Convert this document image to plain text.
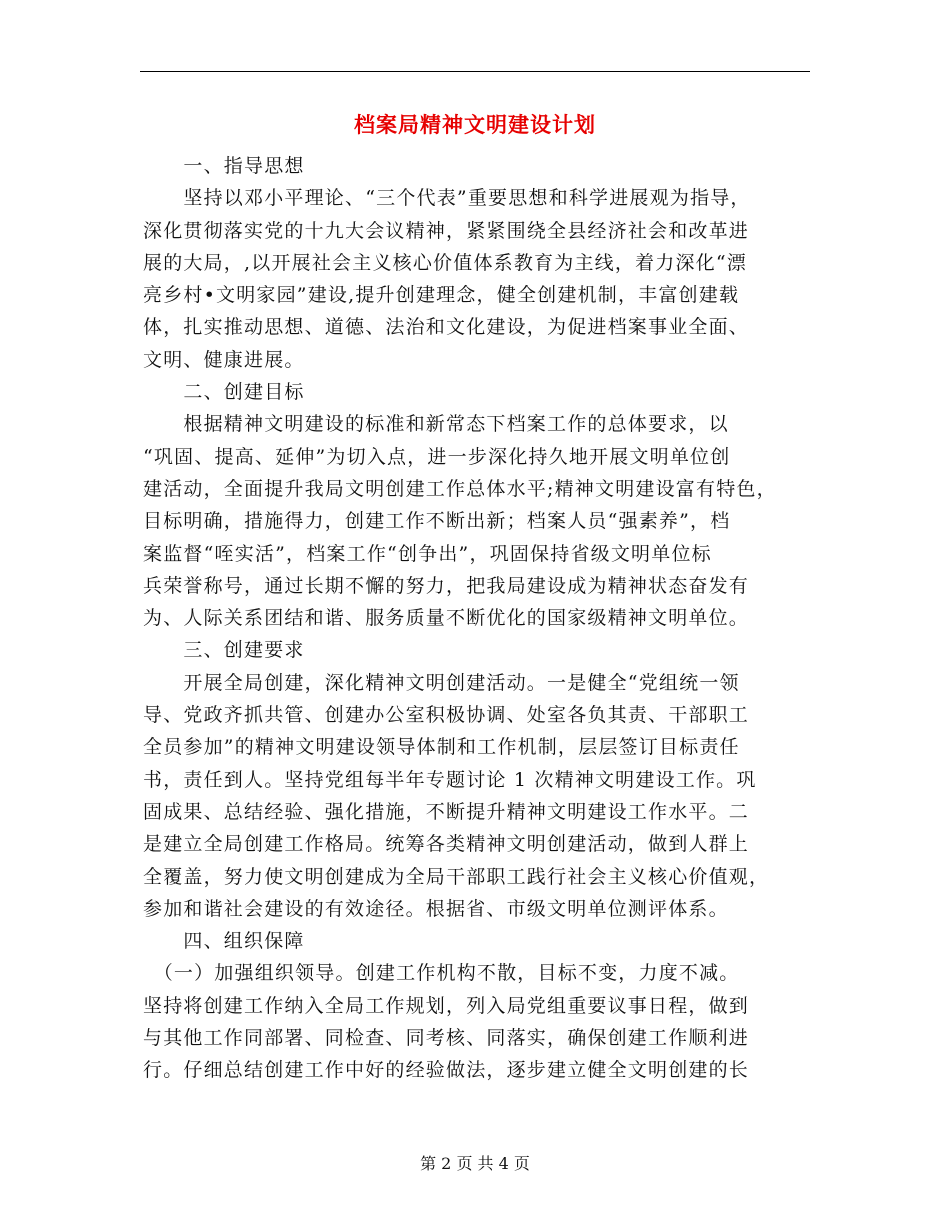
档案局精神文明建设计划
　　一、指导思想
　　坚持以邓小平理论、“三个代表”重要思想和科学进展观为指导，
深化贯彻落实党的十九大会议精神，紧紧围绕全县经济社会和改革进
展的大局，,以开展社会主义核心价值体系教育为主线，着力深化“漂
亮乡村•文明家园”建设,提升创建理念，健全创建机制，丰富创建载
体，扎实推动思想、道德、法治和文化建设，为促进档案事业全面、
文明、健康进展。
　　二、创建目标
　　根据精神文明建设的标准和新常态下档案工作的总体要求，以
“巩固、提高、延伸”为切入点，进一步深化持久地开展文明单位创
建活动，全面提升我局文明创建工作总体水平;精神文明建设富有特色，
目标明确，措施得力，创建工作不断出新；档案人员“强素养”，档
案监督“咥实活”，档案工作“创争出”，巩固保持省级文明单位标
兵荣誉称号，通过长期不懈的努力，把我局建设成为精神状态奋发有
为、人际关系团结和谐、服务质量不断优化的国家级精神文明单位。
　　三、创建要求
　　开展全局创建，深化精神文明创建活动。一是健全“党组统一领
导、党政齐抓共管、创建办公室积极协调、处室各负其责、干部职工
全员参加”的精神文明建设领导体制和工作机制，层层签订目标责任
书，责任到人。坚持党组每半年专题讨论 1 次精神文明建设工作。巩
固成果、总结经验、强化措施，不断提升精神文明建设工作水平。二
是建立全局创建工作格局。统筹各类精神文明创建活动，做到人群上
全覆盖，努力使文明创建成为全局干部职工践行社会主义核心价值观，
参加和谐社会建设的有效途径。根据省、市级文明单位测评体系。
　　四、组织保障
　（一）加强组织领导。创建工作机构不散，目标不变，力度不减。
坚持将创建工作纳入全局工作规划，列入局党组重要议事日程，做到
与其他工作同部署、同检查、同考核、同落实，确保创建工作顺利进
行。仔细总结创建工作中好的经验做法，逐步建立健全文明创建的长
第 2 页 共 4 页
